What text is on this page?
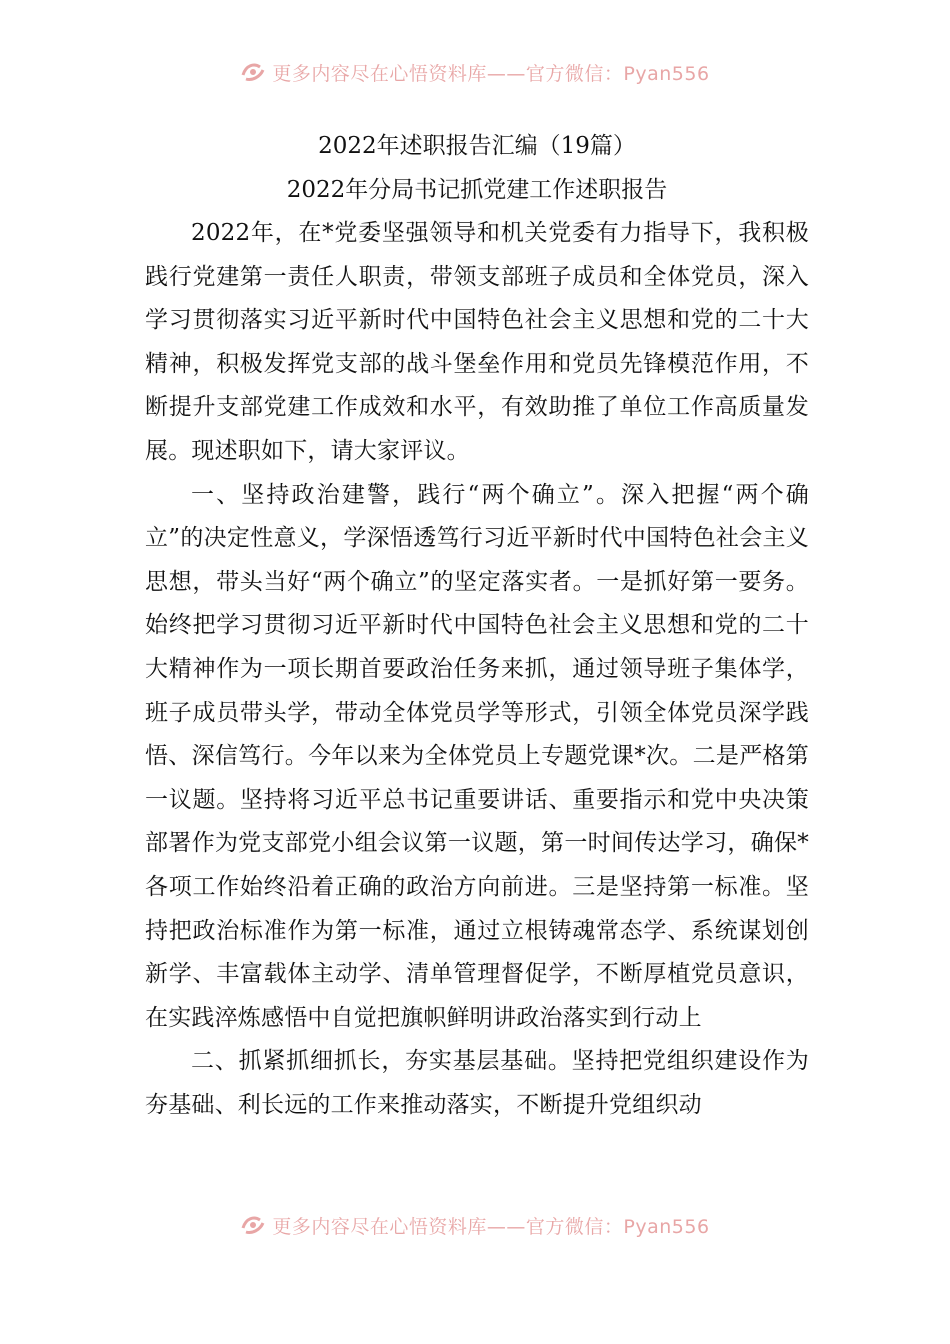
更多内容尽在心悟资料库——官方微信：Pyan556
2022年述职报告汇编（19篇）
2022年分局书记抓党建工作述职报告

2022年，在*党委坚强领导和机关党委有力指导下，我积极践行党建第一责任人职责，带领支部班子成员和全体党员，深入学习贯彻落实习近平新时代中国特色社会主义思想和党的二十大精神，积极发挥党支部的战斗堡垒作用和党员先锋模范作用，不断提升支部党建工作成效和水平，有效助推了单位工作高质量发展。现述职如下，请大家评议。

一、坚持政治建警，践行“两个确立”。深入把握“两个确立”的决定性意义，学深悟透笃行习近平新时代中国特色社会主义思想，带头当好“两个确立”的坚定落实者。一是抓好第一要务。始终把学习贯彻习近平新时代中国特色社会主义思想和党的二十大精神作为一项长期首要政治任务来抓，通过领导班子集体学，班子成员带头学，带动全体党员学等形式，引领全体党员深学践悟、深信笃行。今年以来为全体党员上专题党课*次。二是严格第一议题。坚持将习近平总书记重要讲话、重要指示和党中央决策部署作为党支部党小组会议第一议题，第一时间传达学习，确保*各项工作始终沿着正确的政治方向前进。三是坚持第一标准。坚持把政治标准作为第一标准，通过立根铸魂常态学、系统谋划创新学、丰富载体主动学、清单管理督促学，不断厚植党员意识，在实践淬炼感悟中自觉把旗帜鲜明讲政治落实到行动上

二、抓紧抓细抓长，夯实基层基础。坚持把党组织建设作为夯基础、利长远的工作来推动落实，不断提升党组织动

更多内容尽在心悟资料库——官方微信：Pyan556
